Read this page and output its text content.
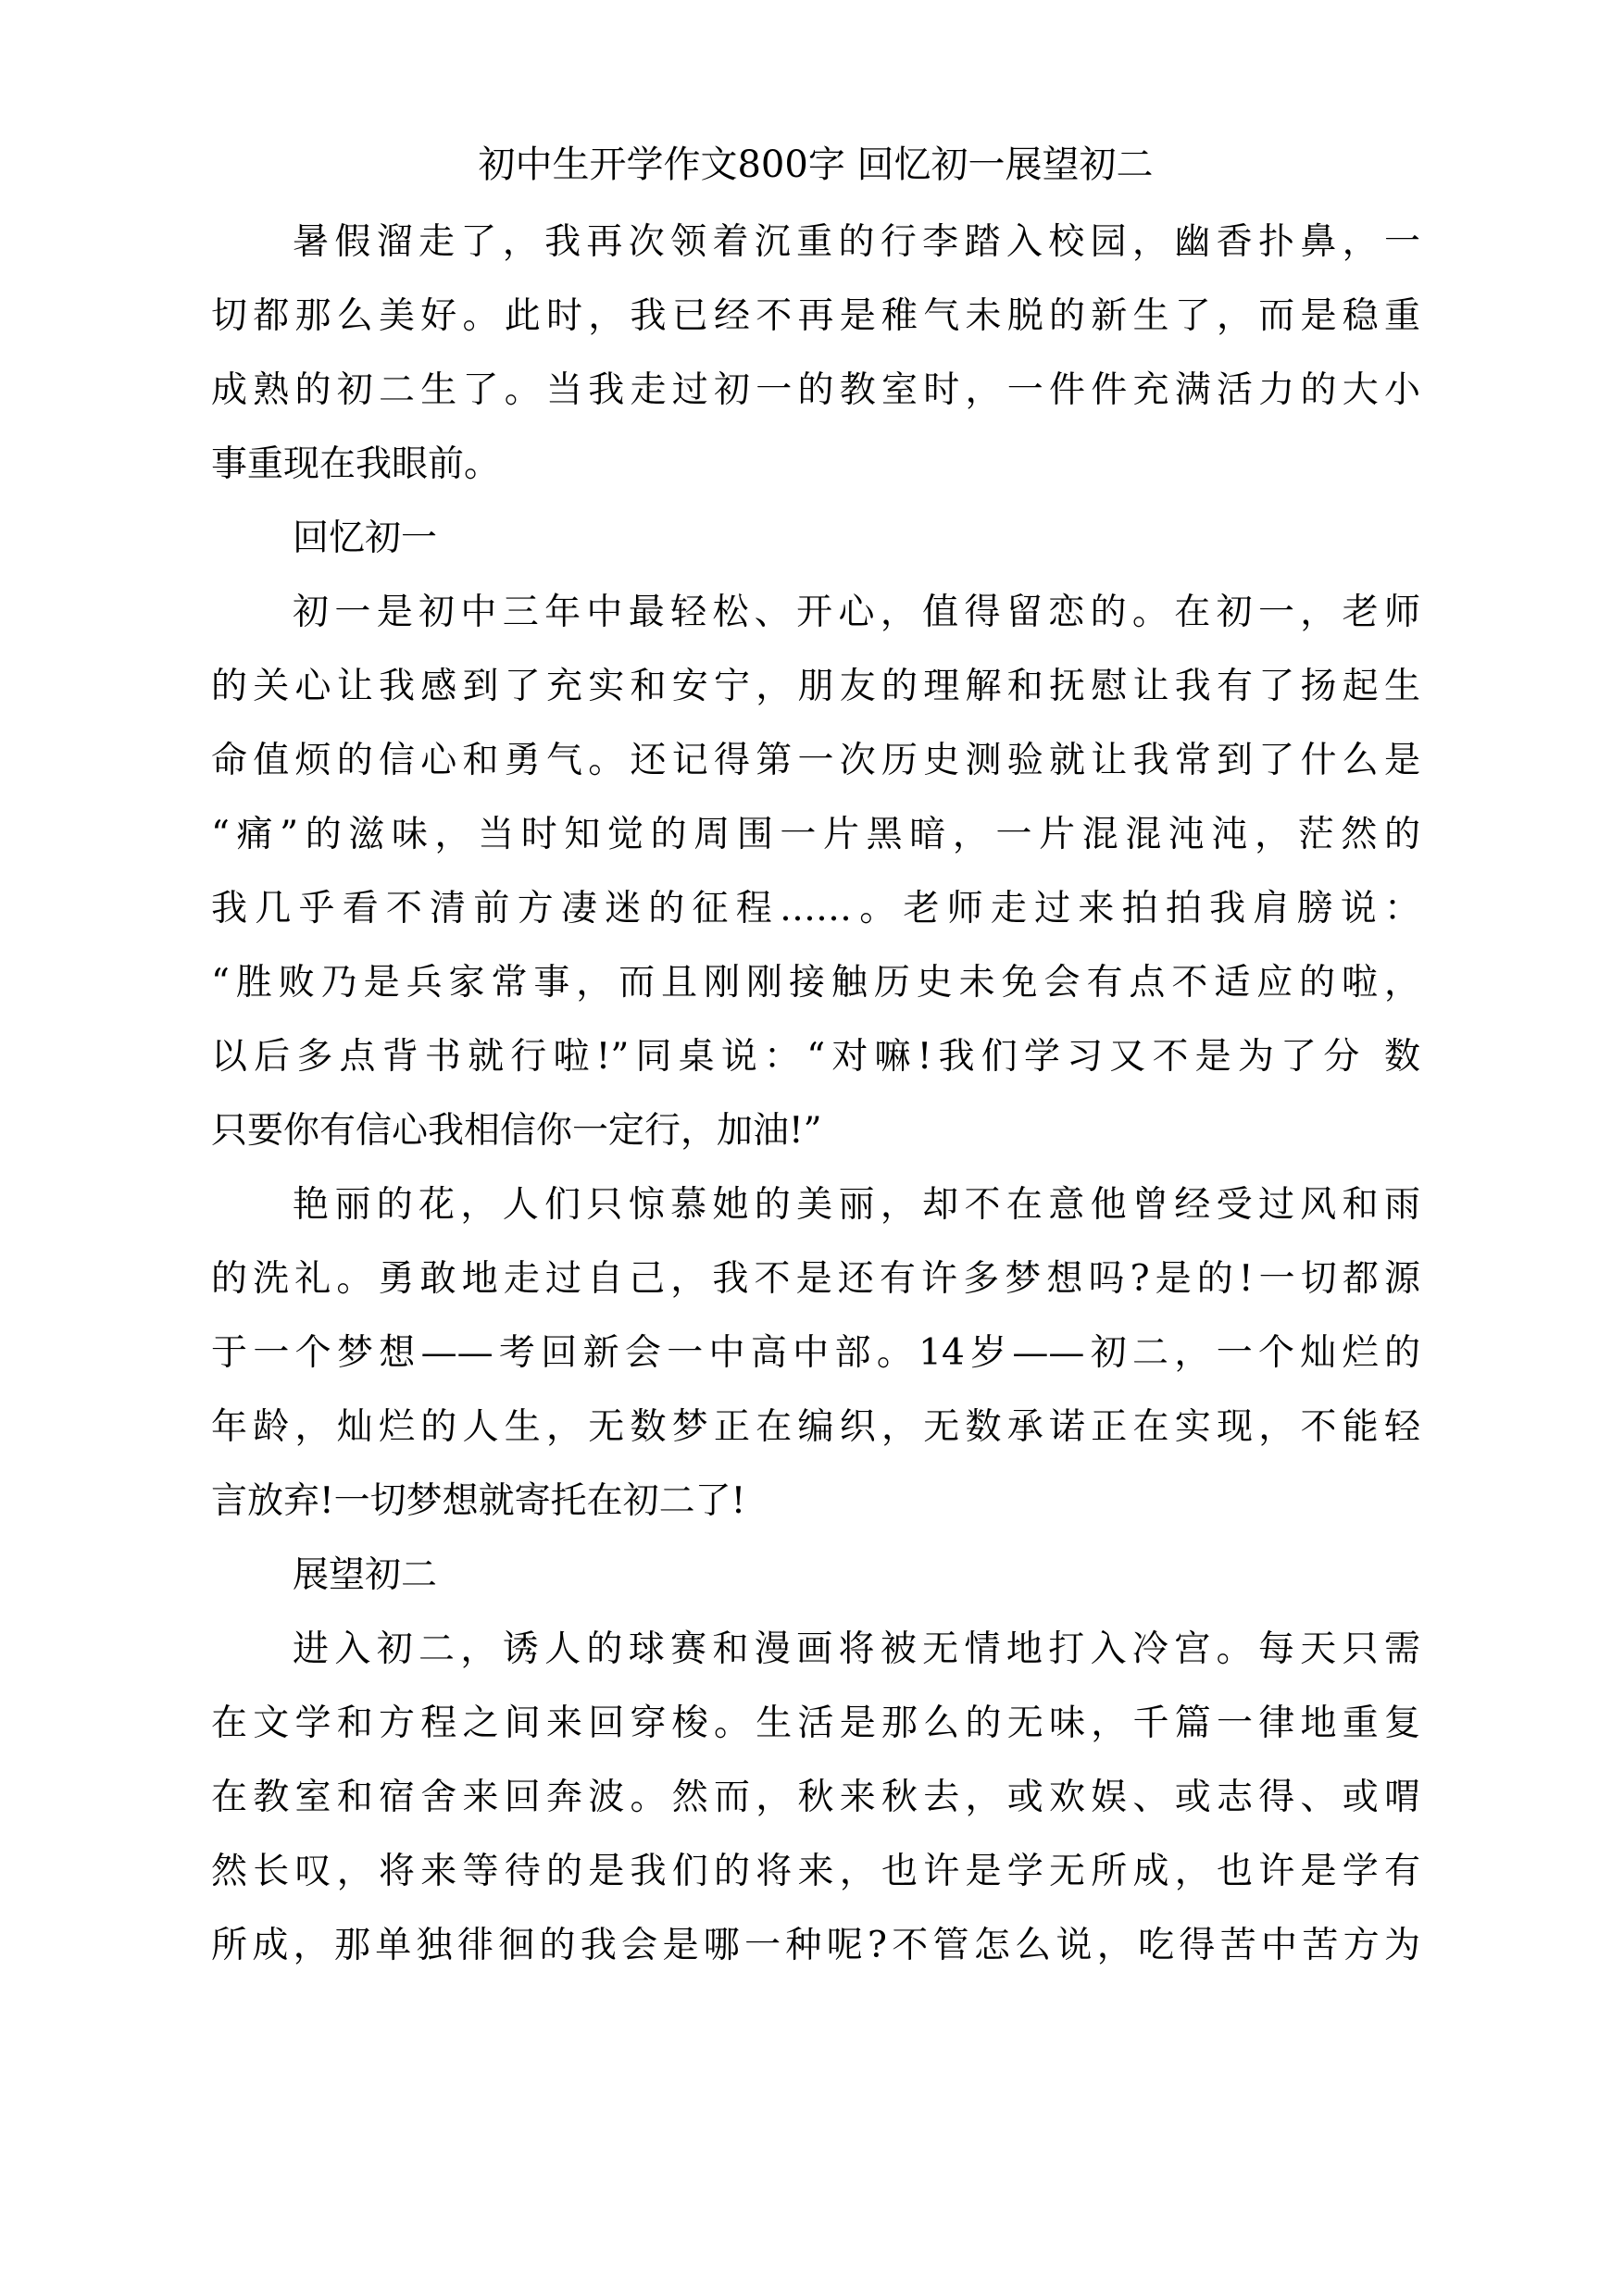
初中生开学作文800字 回忆初一展望初二

暑假溜走了，我再次领着沉重的行李踏入校园，幽香扑鼻，一

切都那么美好。此时，我已经不再是稚气未脱的新生了，而是稳重

成熟的初二生了。当我走过初一的教室时，一件件充满活力的大小

事重现在我眼前。

回忆初一

初一是初中三年中最轻松、开心，值得留恋的。在初一，老师

的关心让我感到了充实和安宁，朋友的理解和抚慰让我有了扬起生

命值烦的信心和勇气。还记得第一次历史测验就让我常到了什么是

“痛”的滋味，当时知觉的周围一片黑暗，一片混混沌沌，茫然的

我几乎看不清前方凄迷的征程……。老师走过来拍拍我肩膀说：

“胜败乃是兵家常事，而且刚刚接触历史未免会有点不适应的啦，

以后多点背书就行啦!”同桌说：“对嘛!我们学习又不是为了分 数

只要你有信心我相信你一定行，加油!”

艳丽的花，人们只惊慕她的美丽，却不在意他曾经受过风和雨

的洗礼。勇敢地走过自己，我不是还有许多梦想吗?是的!一切都源

于一个梦想——考回新会一中高中部。14岁——初二，一个灿烂的

年龄，灿烂的人生，无数梦正在编织，无数承诺正在实现，不能轻

言放弃!一切梦想就寄托在初二了!

展望初二

进入初二，诱人的球赛和漫画将被无情地打入冷宫。每天只需

在文学和方程之间来回穿梭。生活是那么的无味，千篇一律地重复

在教室和宿舍来回奔波。然而，秋来秋去，或欢娱、或志得、或喟

然长叹，将来等待的是我们的将来，也许是学无所成，也许是学有

所成，那单独徘徊的我会是哪一种呢?不管怎么说，吃得苦中苦方为
